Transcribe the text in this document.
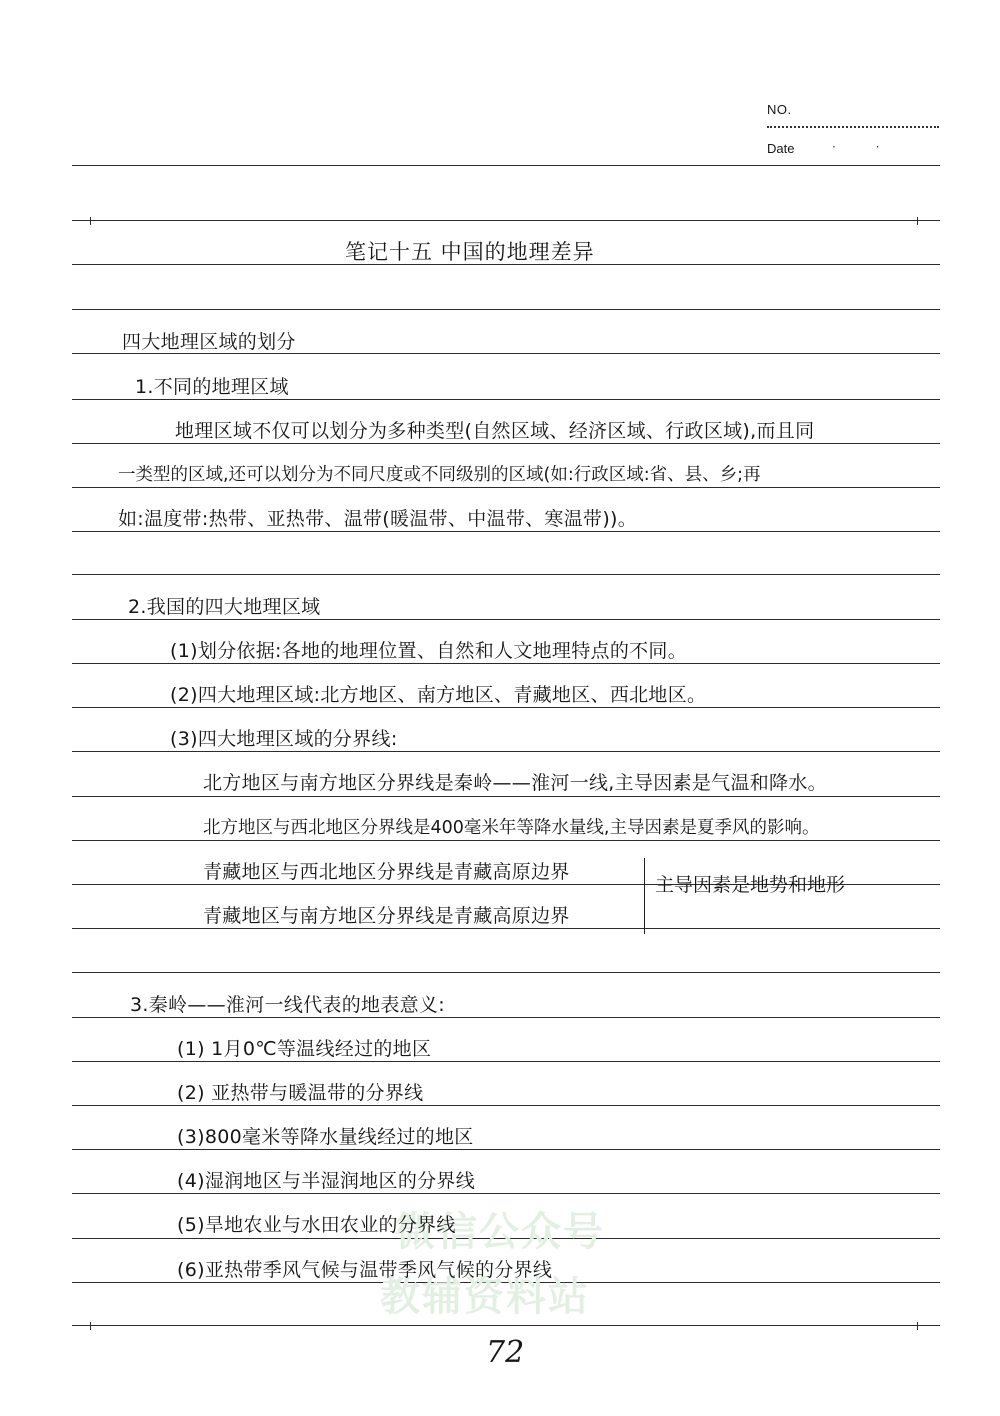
NO.
Date	· ·
微信公众号
教辅资料站
笔记十五 中国的地理差异
四大地理区域的划分
1.不同的地理区域
地理区域不仅可以划分为多种类型(自然区域、经济区域、行政区域),而且同
一类型的区域,还可以划分为不同尺度或不同级别的区域(如:行政区域:省、县、乡;再
如:温度带:热带、亚热带、温带(暖温带、中温带、寒温带))。
2.我国的四大地理区域
(1)划分依据:各地的地理位置、自然和人文地理特点的不同。
(2)四大地理区域:北方地区、南方地区、青藏地区、西北地区。
(3)四大地理区域的分界线:
北方地区与南方地区分界线是秦岭——淮河一线,主导因素是气温和降水。
北方地区与西北地区分界线是400毫米年等降水量线,主导因素是夏季风的影响。
青藏地区与西北地区分界线是青藏高原边界
青藏地区与南方地区分界线是青藏高原边界
主导因素是地势和地形
3.秦岭——淮河一线代表的地表意义:
(1) 1月0℃等温线经过的地区
(2) 亚热带与暖温带的分界线
(3)800毫米等降水量线经过的地区
(4)湿润地区与半湿润地区的分界线
(5)旱地农业与水田农业的分界线
(6)亚热带季风气候与温带季风气候的分界线
72
